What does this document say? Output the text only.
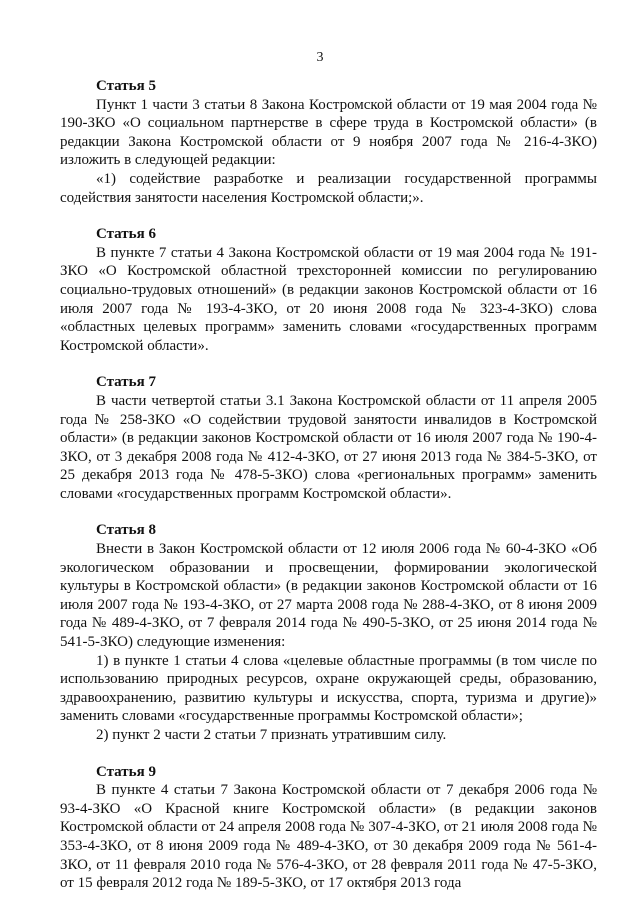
3

Статья 5

Пункт 1 части 3 статьи 8 Закона Костромской области от 19 мая 2004 года № 190-ЗКО «О социальном партнерстве в сфере труда в Костромской области» (в редакции Закона Костромской области от 9 ноября 2007 года № 216-4-ЗКО) изложить в следующей редакции:

«1) содействие разработке и реализации государственной программы содействия занятости населения Костромской области;».

Статья 6

В пункте 7 статьи 4 Закона Костромской области от 19 мая 2004 года № 191-ЗКО «О Костромской областной трехсторонней комиссии по регулированию социально-трудовых отношений» (в редакции законов Костромской области от 16 июля 2007 года № 193-4-ЗКО, от 20 июня 2008 года № 323-4-ЗКО) слова «областных целевых программ» заменить словами «государственных программ Костромской области».

Статья 7

В части четвертой статьи 3.1 Закона Костромской области от 11 апреля 2005 года № 258-ЗКО «О содействии трудовой занятости инвалидов в Костромской области» (в редакции законов Костромской области от 16 июля 2007 года № 190-4-ЗКО, от 3 декабря 2008 года № 412-4-ЗКО, от 27 июня 2013 года № 384-5-ЗКО, от 25 декабря 2013 года № 478-5-ЗКО) слова «региональных программ» заменить словами «государственных программ Костромской области».

Статья 8

Внести в Закон Костромской области от 12 июля 2006 года № 60-4-ЗКО «Об экологическом образовании и просвещении, формировании экологической культуры в Костромской области» (в редакции законов Костромской области от 16 июля 2007 года № 193-4-ЗКО, от 27 марта 2008 года № 288-4-ЗКО, от 8 июня 2009 года № 489-4-ЗКО, от 7 февраля 2014 года № 490-5-ЗКО, от 25 июня 2014 года № 541-5-ЗКО) следующие изменения:

1) в пункте 1 статьи 4 слова «целевые областные программы (в том числе по использованию природных ресурсов, охране окружающей среды, образованию, здравоохранению, развитию культуры и искусства, спорта, туризма и другие)» заменить словами «государственные программы Костромской области»;

2) пункт 2 части 2 статьи 7 признать утратившим силу.

Статья 9

В пункте 4 статьи 7 Закона Костромской области от 7 декабря 2006 года № 93-4-ЗКО «О Красной книге Костромской области» (в редакции законов Костромской области от 24 апреля 2008 года № 307-4-ЗКО, от 21 июля 2008 года № 353-4-ЗКО, от 8 июня 2009 года № 489-4-ЗКО, от 30 декабря 2009 года № 561-4-ЗКО, от 11 февраля 2010 года № 576-4-ЗКО, от 28 февраля 2011 года № 47-5-ЗКО, от 15 февраля 2012 года № 189-5-ЗКО, от 17 октября 2013 года
